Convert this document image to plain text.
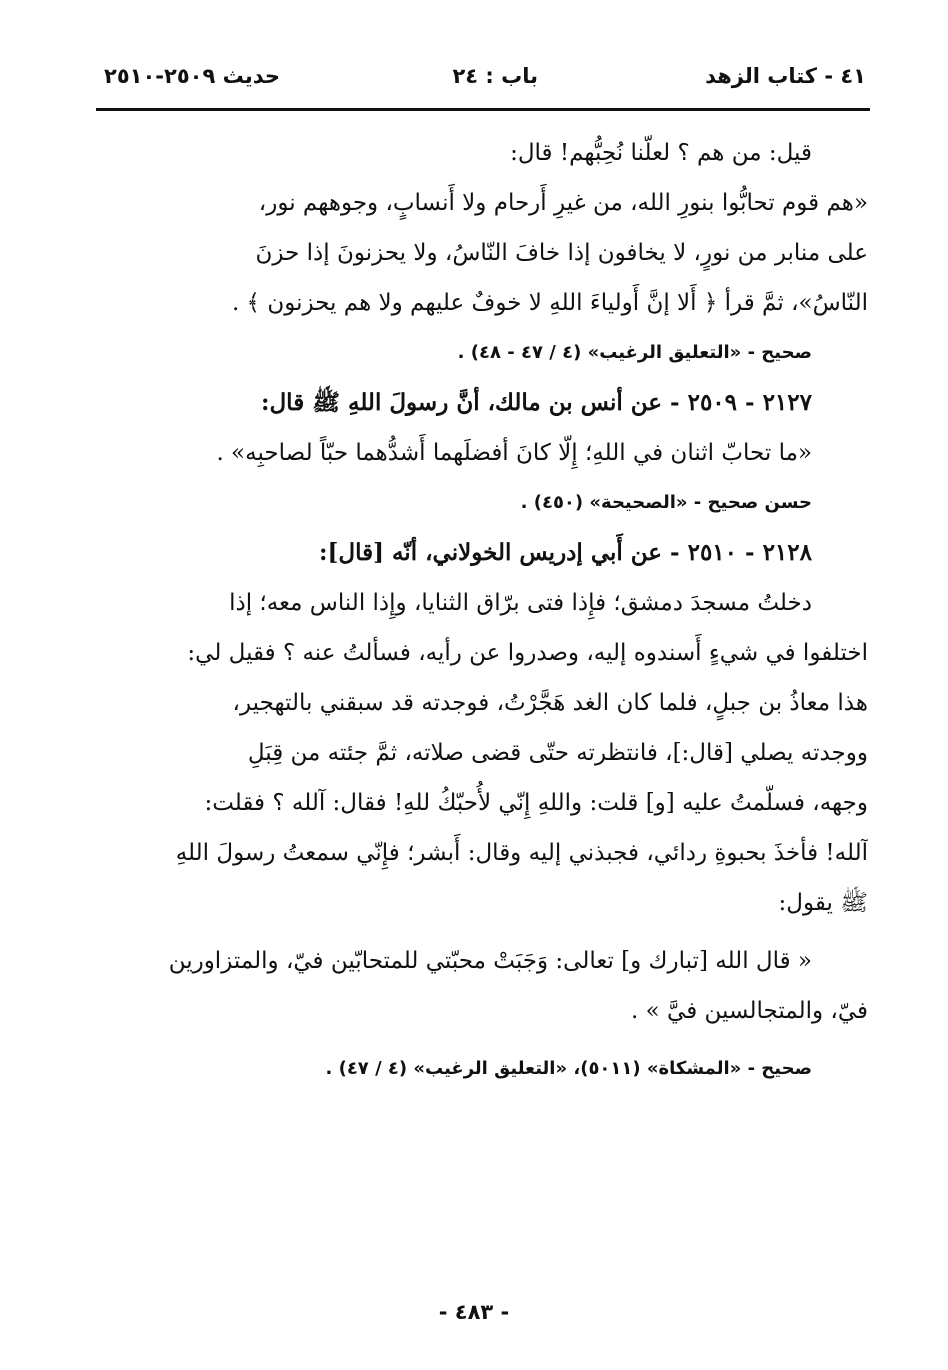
٤١ - كتاب الزهد
باب : ٢٤
حديث ٢٥٠٩-٢٥١٠
قيل: من هم ؟ لعلّنا نُحِبُّهم! قال:
«هم قوم تحابُّوا بنورِ الله، من غيرِ أَرحام ولا أَنسابٍ، وجوههم نور،
على منابر من نورٍ، لا يخافون إذا خافَ النّاسُ، ولا يحزنونَ إذا حزنَ
النّاسُ»، ثمَّ قرأ ﴿ أَلا إنَّ أَولياءَ اللهِ لا خوفٌ عليهم ولا هم يحزنون ﴾ .
صحيح - «التعليق الرغيب» (٤ / ٤٧ - ٤٨) .
٢١٢٧ - ٢٥٠٩ - عن أنس بن مالك، أنَّ رسولَ اللهِ ﷺ قال:
«ما تحابّ اثنان في اللهِ؛ إِلّا كانَ أفضلَهما أَشدُّهما حبّاً لصاحبِه» .
حسن صحيح - «الصحيحة» (٤٥٠) .
٢١٢٨ - ٢٥١٠ - عن أَبي إدريس الخولاني، أنّه [قال]:
دخلتُ مسجدَ دمشق؛ فإِذا فتى برّاق الثنايا، وإِذا الناس معه؛ إذا
اختلفوا في شيءٍ أَسندوه إليه، وصدروا عن رأيه، فسألتُ عنه ؟ فقيل لي:
هذا معاذُ بن جبلٍ، فلما كان الغد هَجَّرْتُ، فوجدته قد سبقني بالتهجير،
ووجدته يصلي [قال:]، فانتظرته حتّى قضى صلاته، ثمَّ جئته من قِبَلِ
وجهه، فسلّمتُ عليه [و] قلت: واللهِ إِنّي لأُحبّكُ للهِ! فقال: آلله ؟ فقلت:
آلله! فأخذَ بحبوةِ ردائي، فجبذني إليه وقال: أَبشر؛ فإِنّي سمعتُ رسولَ اللهِ
ﷺ يقول:
« قال الله [تبارك و] تعالى: وَجَبَتْ محبّتي للمتحابّين فيّ، والمتزاورين
فيّ، والمتجالسين فيَّ » .
صحيح - «المشكاة» (٥٠١١)، «التعليق الرغيب» (٤ / ٤٧) .
- ٤٨٣ -
